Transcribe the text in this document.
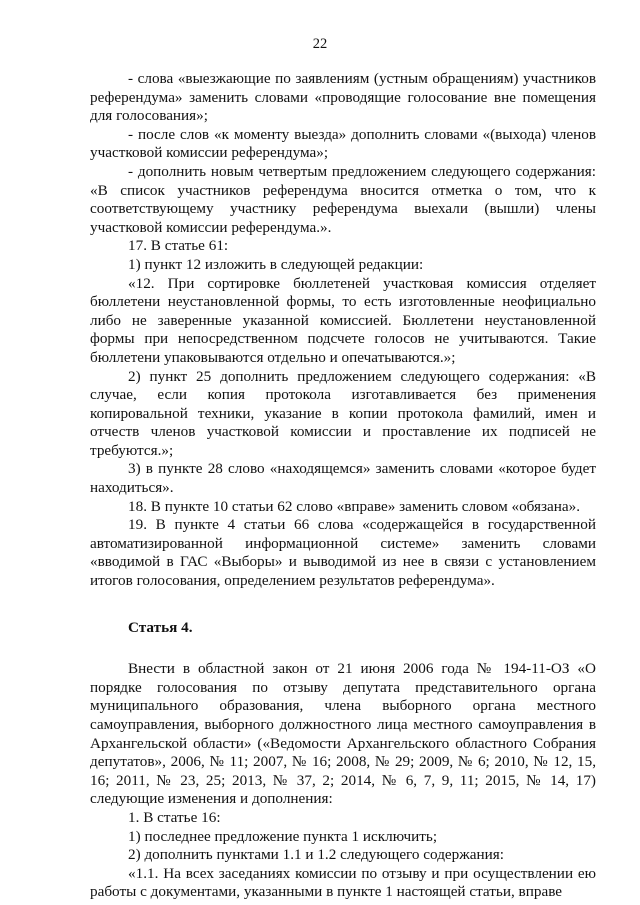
22

- слова «выезжающие по заявлениям (устным обращениям) участников референдума» заменить словами «проводящие голосование вне помещения для голосования»;

- после слов «к моменту выезда» дополнить словами «(выхода) членов участковой комиссии референдума»;

- дополнить новым четвертым предложением следующего содержания: «В список участников референдума вносится отметка о том, что к соответствующему участнику референдума выехали (вышли) члены участковой комиссии референдума.».

17. В статье 61:

1) пункт 12 изложить в следующей редакции:

«12. При сортировке бюллетеней участковая комиссия отделяет бюллетени неустановленной формы, то есть изготовленные неофициально либо не заверенные указанной комиссией. Бюллетени неустановленной формы при непосредственном подсчете голосов не учитываются. Такие бюллетени упаковываются отдельно и опечатываются.»;

2) пункт 25 дополнить предложением следующего содержания: «В случае, если копия протокола изготавливается без применения копировальной техники, указание в копии протокола фамилий, имен и отчеств членов участковой комиссии и проставление их подписей не требуются.»;

3) в пункте 28 слово «находящемся» заменить словами «которое будет находиться».

18. В пункте 10 статьи 62 слово «вправе» заменить словом «обязана».

19. В пункте 4 статьи 66 слова «содержащейся в государственной автоматизированной информационной системе» заменить словами «вводимой в ГАС «Выборы» и выводимой из нее в связи с установлением итогов голосования, определением результатов референдума».

Статья 4.

Внести в областной закон от 21 июня 2006 года № 194-11-ОЗ «О порядке голосования по отзыву депутата представительного органа муниципального образования, члена выборного органа местного самоуправления, выборного должностного лица местного самоуправления в Архангельской области» («Ведомости Архангельского областного Собрания депутатов», 2006, № 11; 2007, № 16; 2008, № 29; 2009, № 6; 2010, № 12, 15, 16; 2011, № 23, 25; 2013, № 37, 2; 2014, № 6, 7, 9, 11; 2015, № 14, 17) следующие изменения и дополнения:

1. В статье 16:

1) последнее предложение пункта 1 исключить;

2) дополнить пунктами 1.1 и 1.2 следующего содержания:

«1.1. На всех заседаниях комиссии по отзыву и при осуществлении ею работы с документами, указанными в пункте 1 настоящей статьи, вправе
